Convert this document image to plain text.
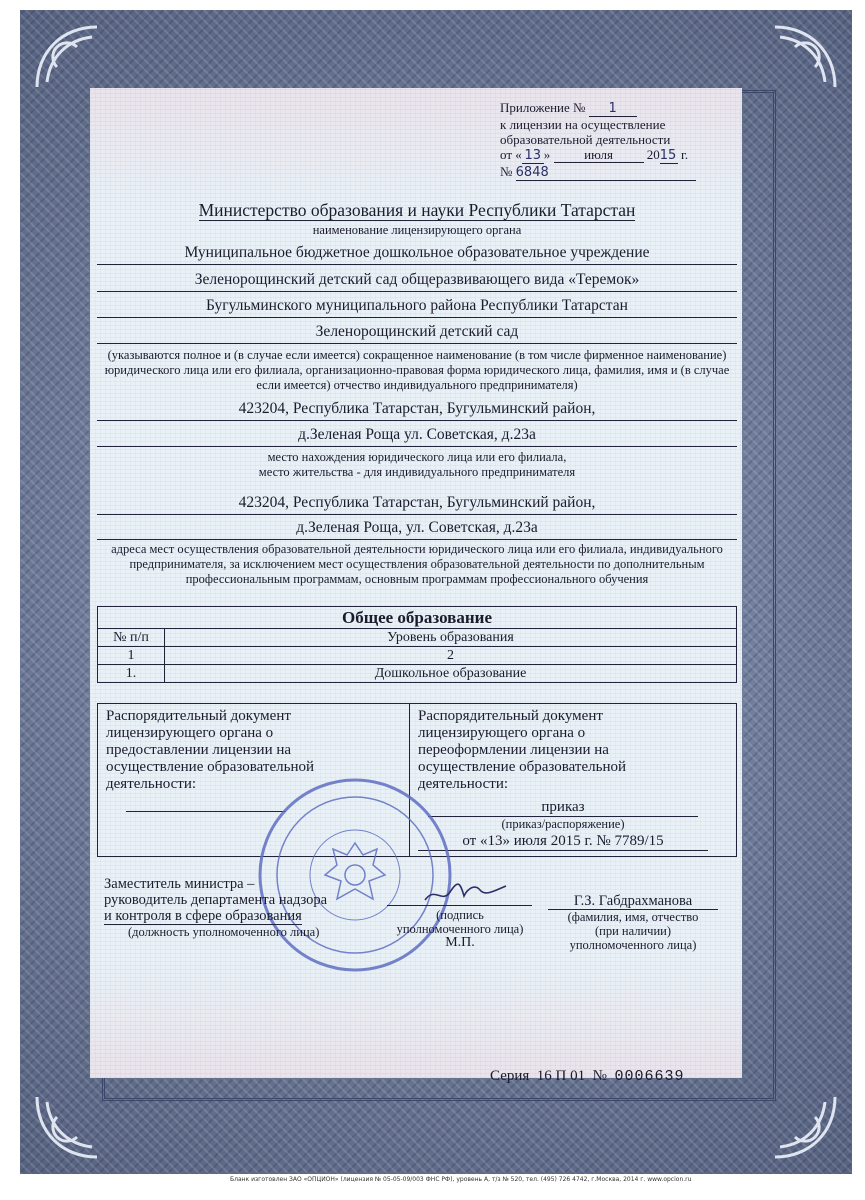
Приложение № 1
к лицензии на осуществление
образовательной деятельности
от « 13 »	июля	2015 г.
№ 6848
Министерство образования и науки Республики Татарстан
наименование лицензирующего органа
Муниципальное бюджетное дошкольное образовательное учреждение
Зеленорощинский детский сад общеразвивающего вида «Теремок»
Бугульминского муниципального района Республики Татарстан
Зеленорощинский детский сад
(указываются полное и (в случае если имеется) сокращенное наименование (в том числе фирменное наименование) юридического лица или его филиала, организационно-правовая форма юридического лица, фамилия, имя и (в случае если имеется) отчество индивидуального предпринимателя)
423204, Республика Татарстан, Бугульминский район,
д.Зеленая Роща ул. Советская, д.23а
место нахождения юридического лица или его филиала,
место жительства - для индивидуального предпринимателя
423204, Республика Татарстан, Бугульминский район,
д.Зеленая Роща, ул. Советская, д.23а
адреса мест осуществления образовательной деятельности юридического лица или его филиала, индивидуального предпринимателя, за исключением мест осуществления образовательной деятельности по дополнительным профессиональным программам, основным программам профессионального обучения
Общее образование	
№ п/п	Уровень образования
1	2
1.	Дошкольное образование
Распорядительный документ лицензирующего органа о предоставлении лицензии на осуществление образовательной деятельности:
Распорядительный документ лицензирующего органа о переоформлении лицензии на осуществление образовательной деятельности:
приказ
(приказ/распоряжение)
от «13» июля 2015 г. № 7789/15
Заместитель министра –
руководитель департамента надзора
и контроля в сфере образования
(должность уполномоченного лица)
(подпись
уполномоченного лица)
М.П.
Г.З. Габдрахманова
(фамилия, имя, отчество
(при наличии)
уполномоченного лица)
Серия 16 П 01 № 0006639
Бланк изготовлен ЗАО «ОПЦИОН» (лицензия № 05-05-09/003 ФНС РФ), уровень А, т/з № 520, тел. (495) 726 4742, г.Москва, 2014 г. www.opcion.ru
